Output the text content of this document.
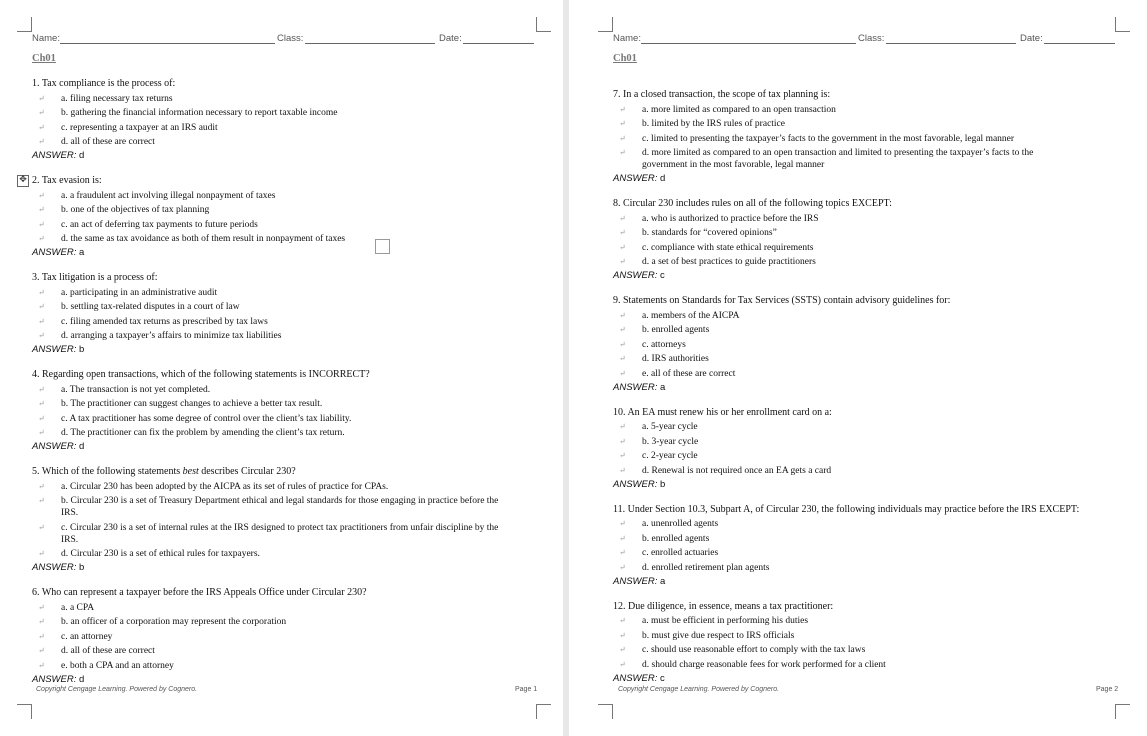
Name:	Class:	Date:
Ch01
1. Tax compliance is the process of:
↵ a. filing necessary tax returns
↵ b. gathering the financial information necessary to report taxable income
↵ c. representing a taxpayer at an IRS audit
↵ d. all of these are correct
ANSWER: d
✥ 2. Tax evasion is:
↵ a. a fraudulent act involving illegal nonpayment of taxes
↵ b. one of the objectives of tax planning
↵ c. an act of deferring tax payments to future periods
↵ d. the same as tax avoidance as both of them result in nonpayment of taxes
ANSWER: a
3. Tax litigation is a process of:
↵ a. participating in an administrative audit
↵ b. settling tax-related disputes in a court of law
↵ c. filing amended tax returns as prescribed by tax laws
↵ d. arranging a taxpayer’s affairs to minimize tax liabilities
ANSWER: b
4. Regarding open transactions, which of the following statements is INCORRECT?
↵ a. The transaction is not yet completed.
↵ b. The practitioner can suggest changes to achieve a better tax result.
↵ c. A tax practitioner has some degree of control over the client’s tax liability.
↵ d. The practitioner can fix the problem by amending the client’s tax return.
ANSWER: d
5. Which of the following statements best describes Circular 230?
↵ a. Circular 230 has been adopted by the AICPA as its set of rules of practice for CPAs.
↵ b. Circular 230 is a set of Treasury Department ethical and legal standards for those engaging in practice before the IRS.
↵ c. Circular 230 is a set of internal rules at the IRS designed to protect tax practitioners from unfair discipline by the IRS.
↵ d. Circular 230 is a set of ethical rules for taxpayers.
ANSWER: b
6. Who can represent a taxpayer before the IRS Appeals Office under Circular 230?
↵ a. a CPA
↵ b. an officer of a corporation may represent the corporation
↵ c. an attorney
↵ d. all of these are correct
↵ e. both a CPA and an attorney
ANSWER: d
Copyright Cengage Learning. Powered by Cognero.	Page 1
Name:	Class:	Date:
Ch01
7. In a closed transaction, the scope of tax planning is:
↵ a. more limited as compared to an open transaction
↵ b. limited by the IRS rules of practice
↵ c. limited to presenting the taxpayer’s facts to the government in the most favorable, legal manner
↵ d. more limited as compared to an open transaction and limited to presenting the taxpayer’s facts to the government in the most favorable, legal manner
ANSWER: d
8. Circular 230 includes rules on all of the following topics EXCEPT:
↵ a. who is authorized to practice before the IRS
↵ b. standards for “covered opinions”
↵ c. compliance with state ethical requirements
↵ d. a set of best practices to guide practitioners
ANSWER: c
9. Statements on Standards for Tax Services (SSTS) contain advisory guidelines for:
↵ a. members of the AICPA
↵ b. enrolled agents
↵ c. attorneys
↵ d. IRS authorities
↵ e. all of these are correct
ANSWER: a
10. An EA must renew his or her enrollment card on a:
↵ a. 5-year cycle
↵ b. 3-year cycle
↵ c. 2-year cycle
↵ d. Renewal is not required once an EA gets a card
ANSWER: b
11. Under Section 10.3, Subpart A, of Circular 230, the following individuals may practice before the IRS EXCEPT:
↵ a. unenrolled agents
↵ b. enrolled agents
↵ c. enrolled actuaries
↵ d. enrolled retirement plan agents
ANSWER: a
12. Due diligence, in essence, means a tax practitioner:
↵ a. must be efficient in performing his duties
↵ b. must give due respect to IRS officials
↵ c. should use reasonable effort to comply with the tax laws
↵ d. should charge reasonable fees for work performed for a client
ANSWER: c
Copyright Cengage Learning. Powered by Cognero.	Page 2
